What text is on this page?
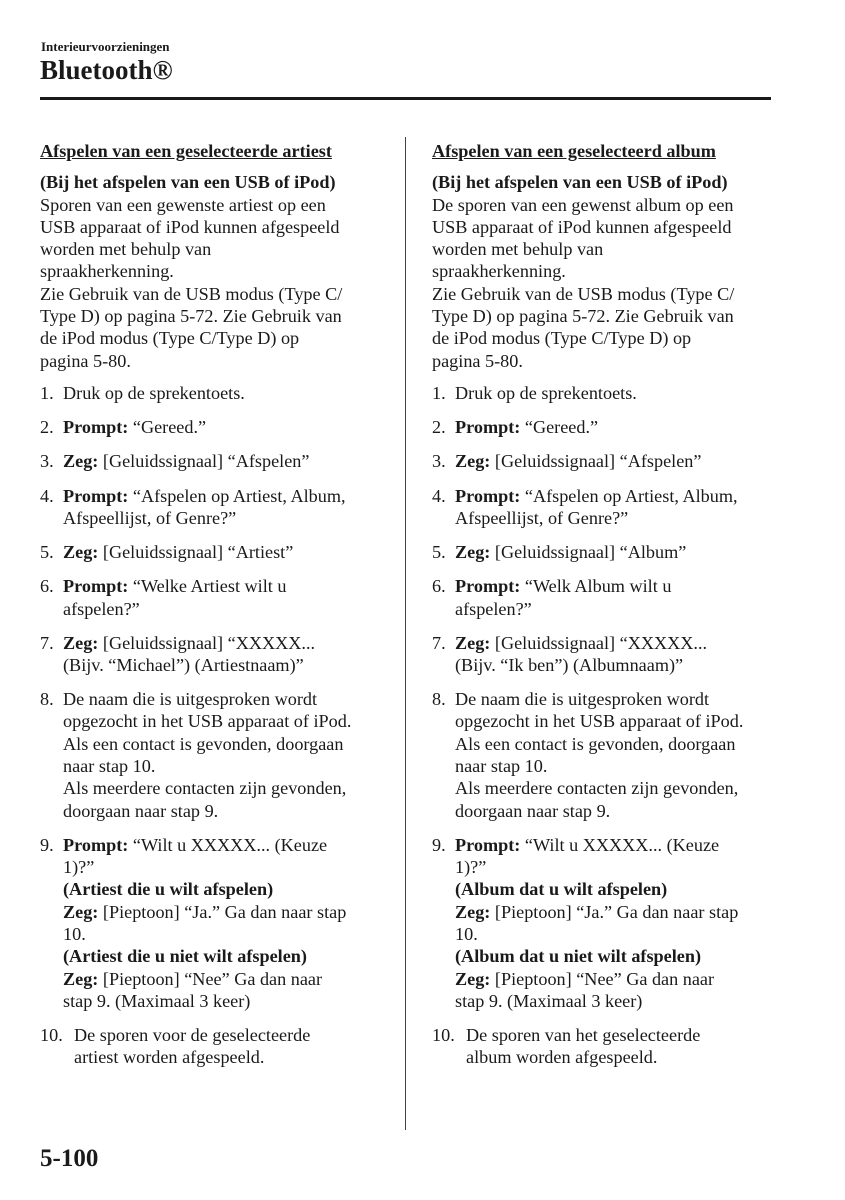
Interieurvoorzieningen
Bluetooth®
Afspelen van een geselecteerde artiest
(Bij het afspelen van een USB of iPod)
Sporen van een gewenste artiest op een
USB apparaat of iPod kunnen afgespeeld
worden met behulp van
spraakherkenning.
Zie Gebruik van de USB modus (Type C/
Type D) op pagina 5-72. Zie Gebruik van
de iPod modus (Type C/Type D) op
pagina 5-80.
1. Druk op de sprekentoets.
2. Prompt: “Gereed.”
3. Zeg: [Geluidssignaal] “Afspelen”
4. Prompt: “Afspelen op Artiest, Album,
Afspeellijst, of Genre?”
5. Zeg: [Geluidssignaal] “Artiest”
6. Prompt: “Welke Artiest wilt u
afspelen?”
7. Zeg: [Geluidssignaal] “XXXXX...
(Bijv. “Michael”) (Artiestnaam)”
8. De naam die is uitgesproken wordt
opgezocht in het USB apparaat of iPod.
Als een contact is gevonden, doorgaan
naar stap 10.
Als meerdere contacten zijn gevonden,
doorgaan naar stap 9.
9. Prompt: “Wilt u XXXXX... (Keuze
1)?”
(Artiest die u wilt afspelen)
Zeg: [Pieptoon] “Ja.” Ga dan naar stap
10.
(Artiest die u niet wilt afspelen)
Zeg: [Pieptoon] “Nee” Ga dan naar
stap 9. (Maximaal 3 keer)
10. De sporen voor de geselecteerde
artiest worden afgespeeld.
Afspelen van een geselecteerd album
(Bij het afspelen van een USB of iPod)
De sporen van een gewenst album op een
USB apparaat of iPod kunnen afgespeeld
worden met behulp van
spraakherkenning.
Zie Gebruik van de USB modus (Type C/
Type D) op pagina 5-72. Zie Gebruik van
de iPod modus (Type C/Type D) op
pagina 5-80.
1. Druk op de sprekentoets.
2. Prompt: “Gereed.”
3. Zeg: [Geluidssignaal] “Afspelen”
4. Prompt: “Afspelen op Artiest, Album,
Afspeellijst, of Genre?”
5. Zeg: [Geluidssignaal] “Album”
6. Prompt: “Welk Album wilt u
afspelen?”
7. Zeg: [Geluidssignaal] “XXXXX...
(Bijv. “Ik ben”) (Albumnaam)”
8. De naam die is uitgesproken wordt
opgezocht in het USB apparaat of iPod.
Als een contact is gevonden, doorgaan
naar stap 10.
Als meerdere contacten zijn gevonden,
doorgaan naar stap 9.
9. Prompt: “Wilt u XXXXX... (Keuze
1)?”
(Album dat u wilt afspelen)
Zeg: [Pieptoon] “Ja.” Ga dan naar stap
10.
(Album dat u niet wilt afspelen)
Zeg: [Pieptoon] “Nee” Ga dan naar
stap 9. (Maximaal 3 keer)
10. De sporen van het geselecteerde
album worden afgespeeld.
5-100
